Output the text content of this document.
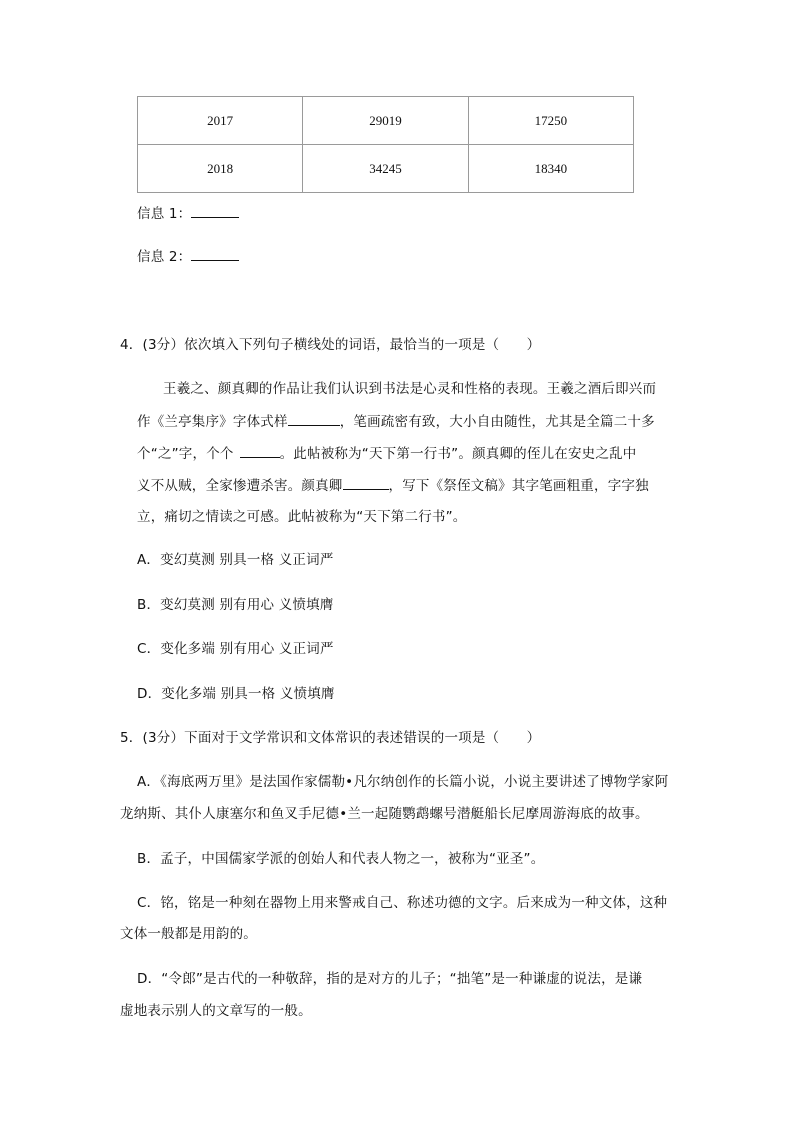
2017	29019	17250
2018	34245	18340
信息 1：
信息 2：
4．(3分）依次填入下列句子横线处的词语，最恰当的一项是（　　）
王羲之、颜真卿的作品让我们认识到书法是心灵和性格的表现。王羲之酒后即兴而
作《兰亭集序》字体式样	，笔画疏密有致，大小自由随性，尤其是全篇二十多
个“之”字，个个	。此帖被称为“天下第一行书”。颜真卿的侄儿在安史之乱中
义不从贼，全家惨遭杀害。颜真卿	，写下《祭侄文稿》其字笔画粗重，字字独
立，痛切之情读之可感。此帖被称为“天下第二行书”。
A．变幻莫测 别具一格 义正词严
B．变幻莫测 别有用心 义愤填膺
C．变化多端 别有用心 义正词严
D．变化多端 别具一格 义愤填膺
5．(3分）下面对于文学常识和文体常识的表述错误的一项是（　　）
A．《海底两万里》是法国作家儒勒•凡尔纳创作的长篇小说，小说主要讲述了博物学家阿
龙纳斯、其仆人康塞尔和鱼叉手尼德•兰一起随鹦鹉螺号潜艇船长尼摩周游海底的故事。
B．孟子，中国儒家学派的创始人和代表人物之一，被称为“亚圣”。
C．铭，铭是一种刻在器物上用来警戒自己、称述功德的文字。后来成为一种文体，这种
文体一般都是用韵的。
D．“令郎”是古代的一种敬辞，指的是对方的儿子；“拙笔”是一种谦虚的说法，是谦
虚地表示别人的文章写的一般。
